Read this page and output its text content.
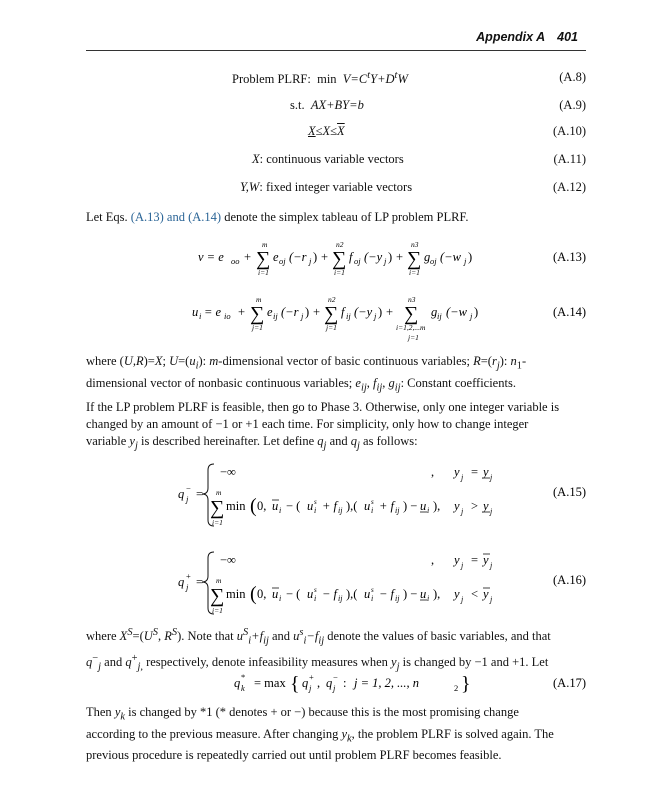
Appendix A 401
Problem PLRF: $\min V=C^tY+D^tW$	(A.8)
s.t. AX+BY=b	(A.9)
$X\le X\le\overline{X}$	(A.10)
X: continuous variable vectors	(A.11)
Y,W: fixed integer variable vectors	(A.12)
Let Eqs. (A.13) and (A.14) denote the simplex tableau of LP problem PLRF.
v = e oo + ∑
m
i=1
e oj (−r j ) + ∑
n2
i=1
f oj (−y j ) + ∑
n3
i=1
g oj (−w j )	(A.13)
u i = e io + ∑
m
j=1
e ij (−r j ) + ∑
n2
j=1
f ij (−y j ) + ∑
n3
i=1,2,...m
j=1
g ij (−w j )	(A.14)
where (U,R)=X; $U=(u_i)$: m-dimensional vector of basic continuous variables; $R=(r_j)$: $n_1-$
dimensional vector of nonbasic continuous variables; $e_{ij}$, $f_{ij}$, $g_{ij}$: Constant coefficients.
If the LP problem PLRF is feasible, then go to Phase 3. Otherwise, only one integer variable is
changed by an amount of −1 or +1 each time. For simplicity, only how to change integer
variable $y_j$ is described hereinafter. Let define $q_j$ and $q_j$ as follows:
q −
j =
−∞	, y j = y j
∑
m
i=1
min ( 0, u i − ( u s
i + f ij ),( u s
i + f ij ) − u i ), y j > y j
(A.15)
q +
j =
−∞	, y j = y j
∑
m
i=1
min ( 0, u i − ( u s
i − f ij ),( u s
i − f ij ) − u i ), y j < y j
(A.16)
where $X^S=(U^S$, $R^S$). Note that $u^S_i+f_{ij}$ and $u^s_i-f_{ij}$ denote the values of basic variables, and that
$q^-_j$ and $q^+_{j,}$ respectively, denote infeasibility measures when $y_j$ is changed by −1 and +1. Let
q *
k = max { q +
j , q −
j : j = 1, 2, ..., n	2 }	(A.17)
Then $y_k$ is changed by *1 (* denotes + or −) because this is the most promising change
according to the previous measure. After changing $y_k$, the problem PLRF is solved again. The
previous procedure is repeatedly carried out until problem PLRF becomes feasible.
